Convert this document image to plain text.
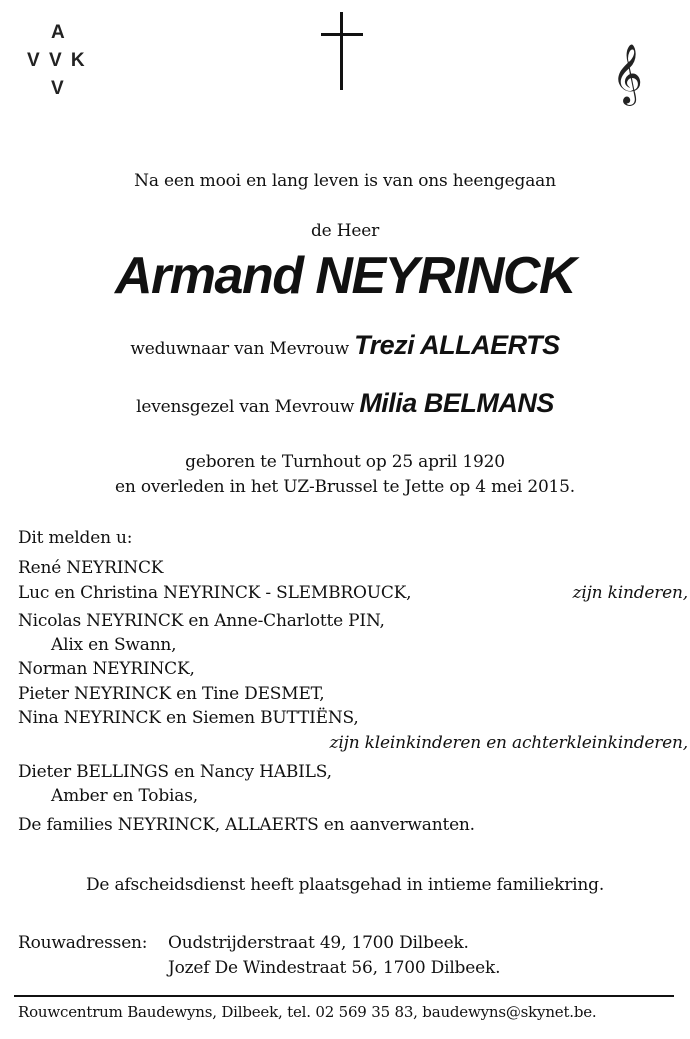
A
V V K
V	𝄞
Na een mooi en lang leven is van ons heengegaan
de Heer
Armand NEYRINCK
weduwnaar van Mevrouw Trezi ALLAERTS
levensgezel van Mevrouw Milia BELMANS
geboren te Turnhout op 25 april 1920
en overleden in het UZ-Brussel te Jette op 4 mei 2015.
Dit melden u:
René NEYRINCK
Luc en Christina NEYRINCK - SLEMBROUCK,	zijn kinderen,
Nicolas NEYRINCK en Anne-Charlotte PIN,
Alix en Swann,
Norman NEYRINCK,
Pieter NEYRINCK en Tine DESMET,
Nina NEYRINCK en Siemen BUTTIËNS,
zijn kleinkinderen en achterkleinkinderen,
Dieter BELLINGS en Nancy HABILS,
Amber en Tobias,
De families NEYRINCK, ALLAERTS en aanverwanten.
De afscheidsdienst heeft plaatsgehad in intieme familiekring.
Rouwadressen: Oudstrijderstraat 49, 1700 Dilbeek.
Jozef De Windestraat 56, 1700 Dilbeek.
Rouwcentrum Baudewyns, Dilbeek, tel. 02 569 35 83, baudewyns@skynet.be.
